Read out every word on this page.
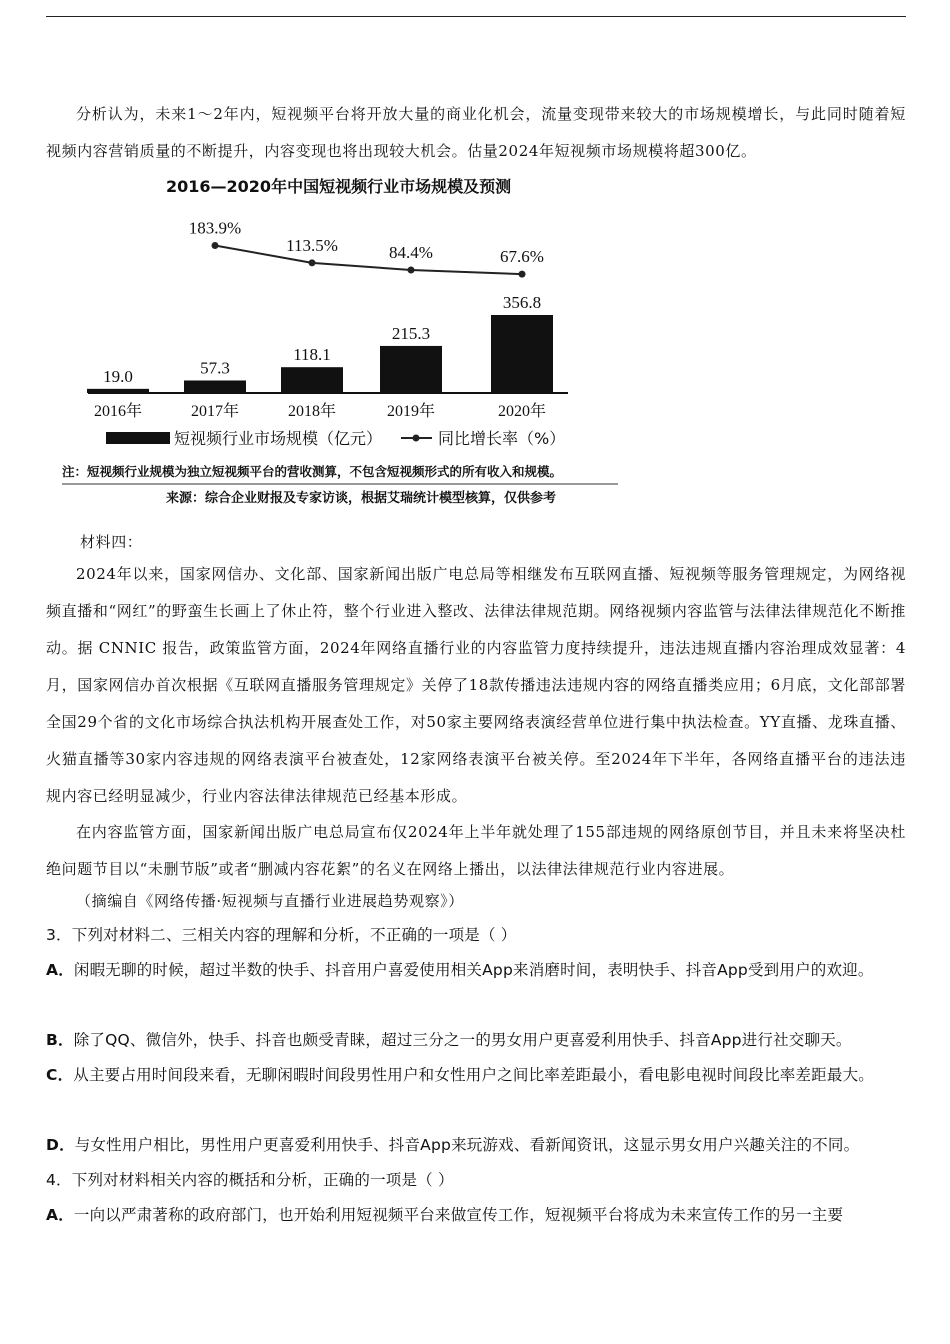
分析认为，未来1～2年内，短视频平台将开放大量的商业化机会，流量变现带来较大的市场规模增长，与此同时随着短视频内容营销质量的不断提升，内容变现也将出现较大机会。估量2024年短视频市场规模将超300亿。

2016—2020年中国短视频行业市场规模及预测
19.0	57.3
118.1
215.3
356.8
2016年	2017年	2018年	2019年	2020年
183.9%
113.5%	84.4%	67.6%
短视频行业市场规模（亿元）	同比增长率（%）
注：短视频行业规模为独立短视频平台的营收测算，不包含短视频形式的所有收入和规模。
来源：综合企业财报及专家访谈，根据艾瑞统计模型核算，仅供参考

材料四：

2024年以来，国家网信办、文化部、国家新闻出版广电总局等相继发布互联网直播、短视频等服务管理规定，为网络视频直播和“网红”的野蛮生长画上了休止符，整个行业进入整改、法律法律规范期。网络视频内容监管与法律法律规范化不断推动。据 CNNIC 报告，政策监管方面，2024年网络直播行业的内容监管力度持续提升，违法违规直播内容治理成效显著：4月，国家网信办首次根据《互联网直播服务管理规定》关停了18款传播违法违规内容的网络直播类应用；6月底，文化部部署全国29个省的文化市场综合执法机构开展查处工作，对50家主要网络表演经营单位进行集中执法检查。YY直播、龙珠直播、火猫直播等30家内容违规的网络表演平台被查处，12家网络表演平台被关停。至2024年下半年，各网络直播平台的违法违规内容已经明显减少，行业内容法律法律规范已经基本形成。

在内容监管方面，国家新闻出版广电总局宣布仅2024年上半年就处理了155部违规的网络原创节目，并且未来将坚决杜绝问题节目以“未删节版”或者“删减内容花絮”的名义在网络上播出，以法律法律规范行业内容进展。

（摘编自《网络传播·短视频与直播行业进展趋势观察》）

3．下列对材料二、三相关内容的理解和分析，不正确的一项是（ ）

A．闲暇无聊的时候，超过半数的快手、抖音用户喜爱使用相关App来消磨时间，表明快手、抖音App受到用户的欢迎。

B．除了QQ、微信外，快手、抖音也颇受青睐，超过三分之一的男女用户更喜爱利用快手、抖音App进行社交聊天。

C．从主要占用时间段来看，无聊闲暇时间段男性用户和女性用户之间比率差距最小，看电影电视时间段比率差距最大。

D．与女性用户相比，男性用户更喜爱利用快手、抖音App来玩游戏、看新闻资讯，这显示男女用户兴趣关注的不同。

4．下列对材料相关内容的概括和分析，正确的一项是（ ）

A．一向以严肃著称的政府部门，也开始利用短视频平台来做宣传工作，短视频平台将成为未来宣传工作的另一主要
